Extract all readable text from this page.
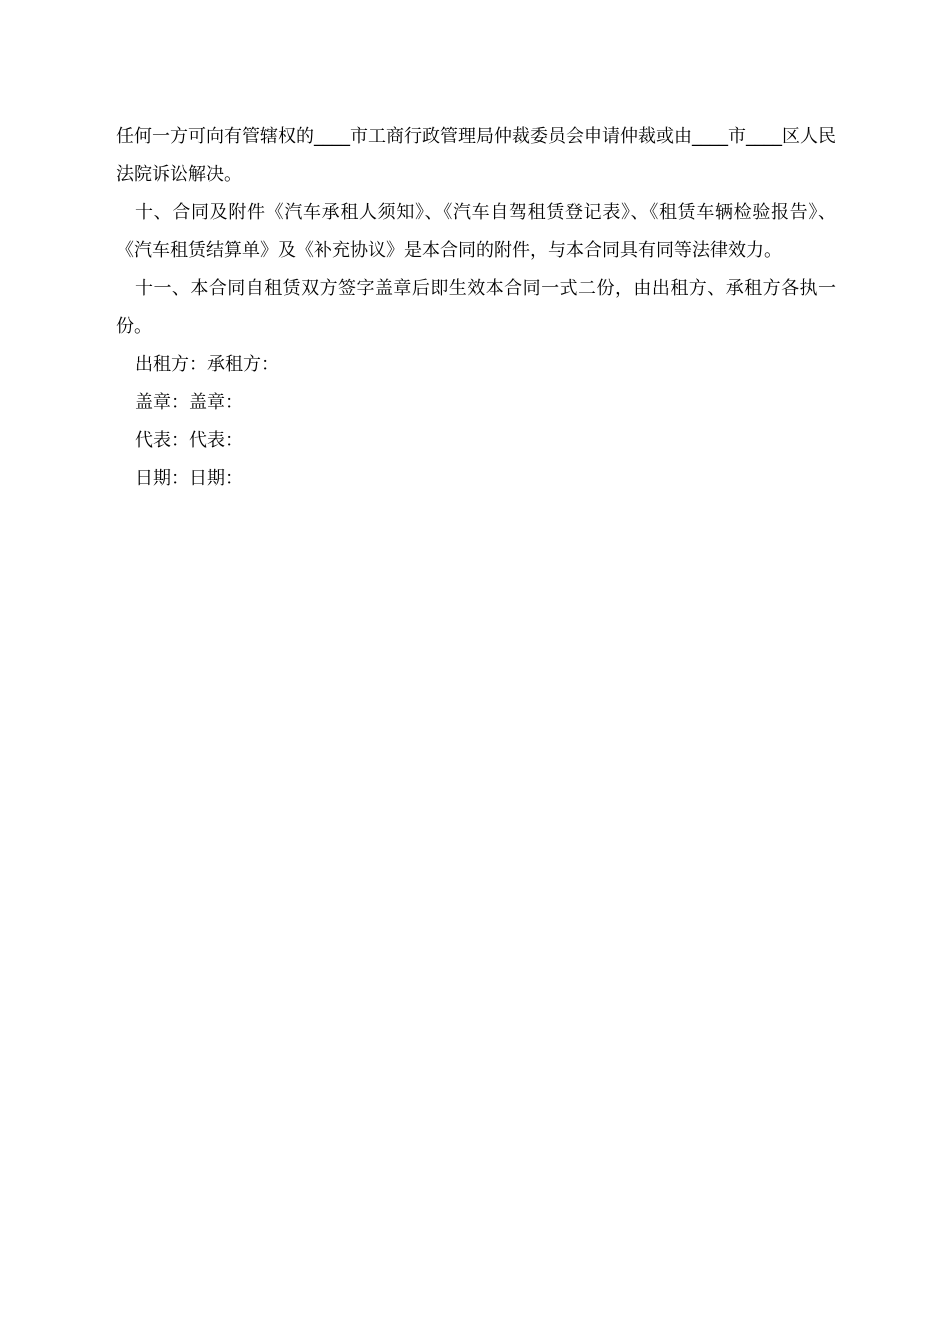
任何一方可向有管辖权的____市工商行政管理局仲裁委员会申请仲裁或由____市____区人民法院诉讼解决。

十、合同及附件《汽车承租人须知》、《汽车自驾租赁登记表》、《租赁车辆检验报告》、《汽车租赁结算单》及《补充协议》是本合同的附件，与本合同具有同等法律效力。

十一、本合同自租赁双方签字盖章后即生效本合同一式二份，由出租方、承租方各执一份。

出租方：承租方：

盖章：盖章：

代表：代表：

日期：日期：
